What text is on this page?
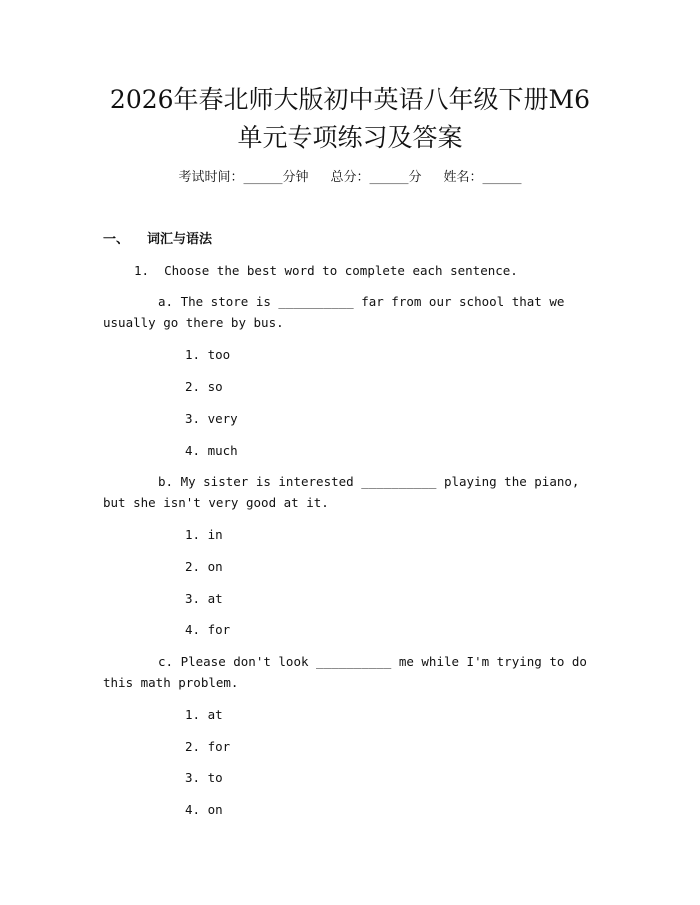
2026年春北师大版初中英语八年级下册M6
单元专项练习及答案
考试时间：______分钟 总分：______分 姓名：______
一、 词汇与语法
1. Choose the best word to complete each sentence.

a. The store is __________ far from our school that we usually go there by bus.

1. too
2. so
3. very
4. much

b. My sister is interested __________ playing the piano, but she isn't very good at it.

1. in
2. on
3. at
4. for

c. Please don't look __________ me while I'm trying to do this math problem.

1. at
2. for
3. to
4. on
